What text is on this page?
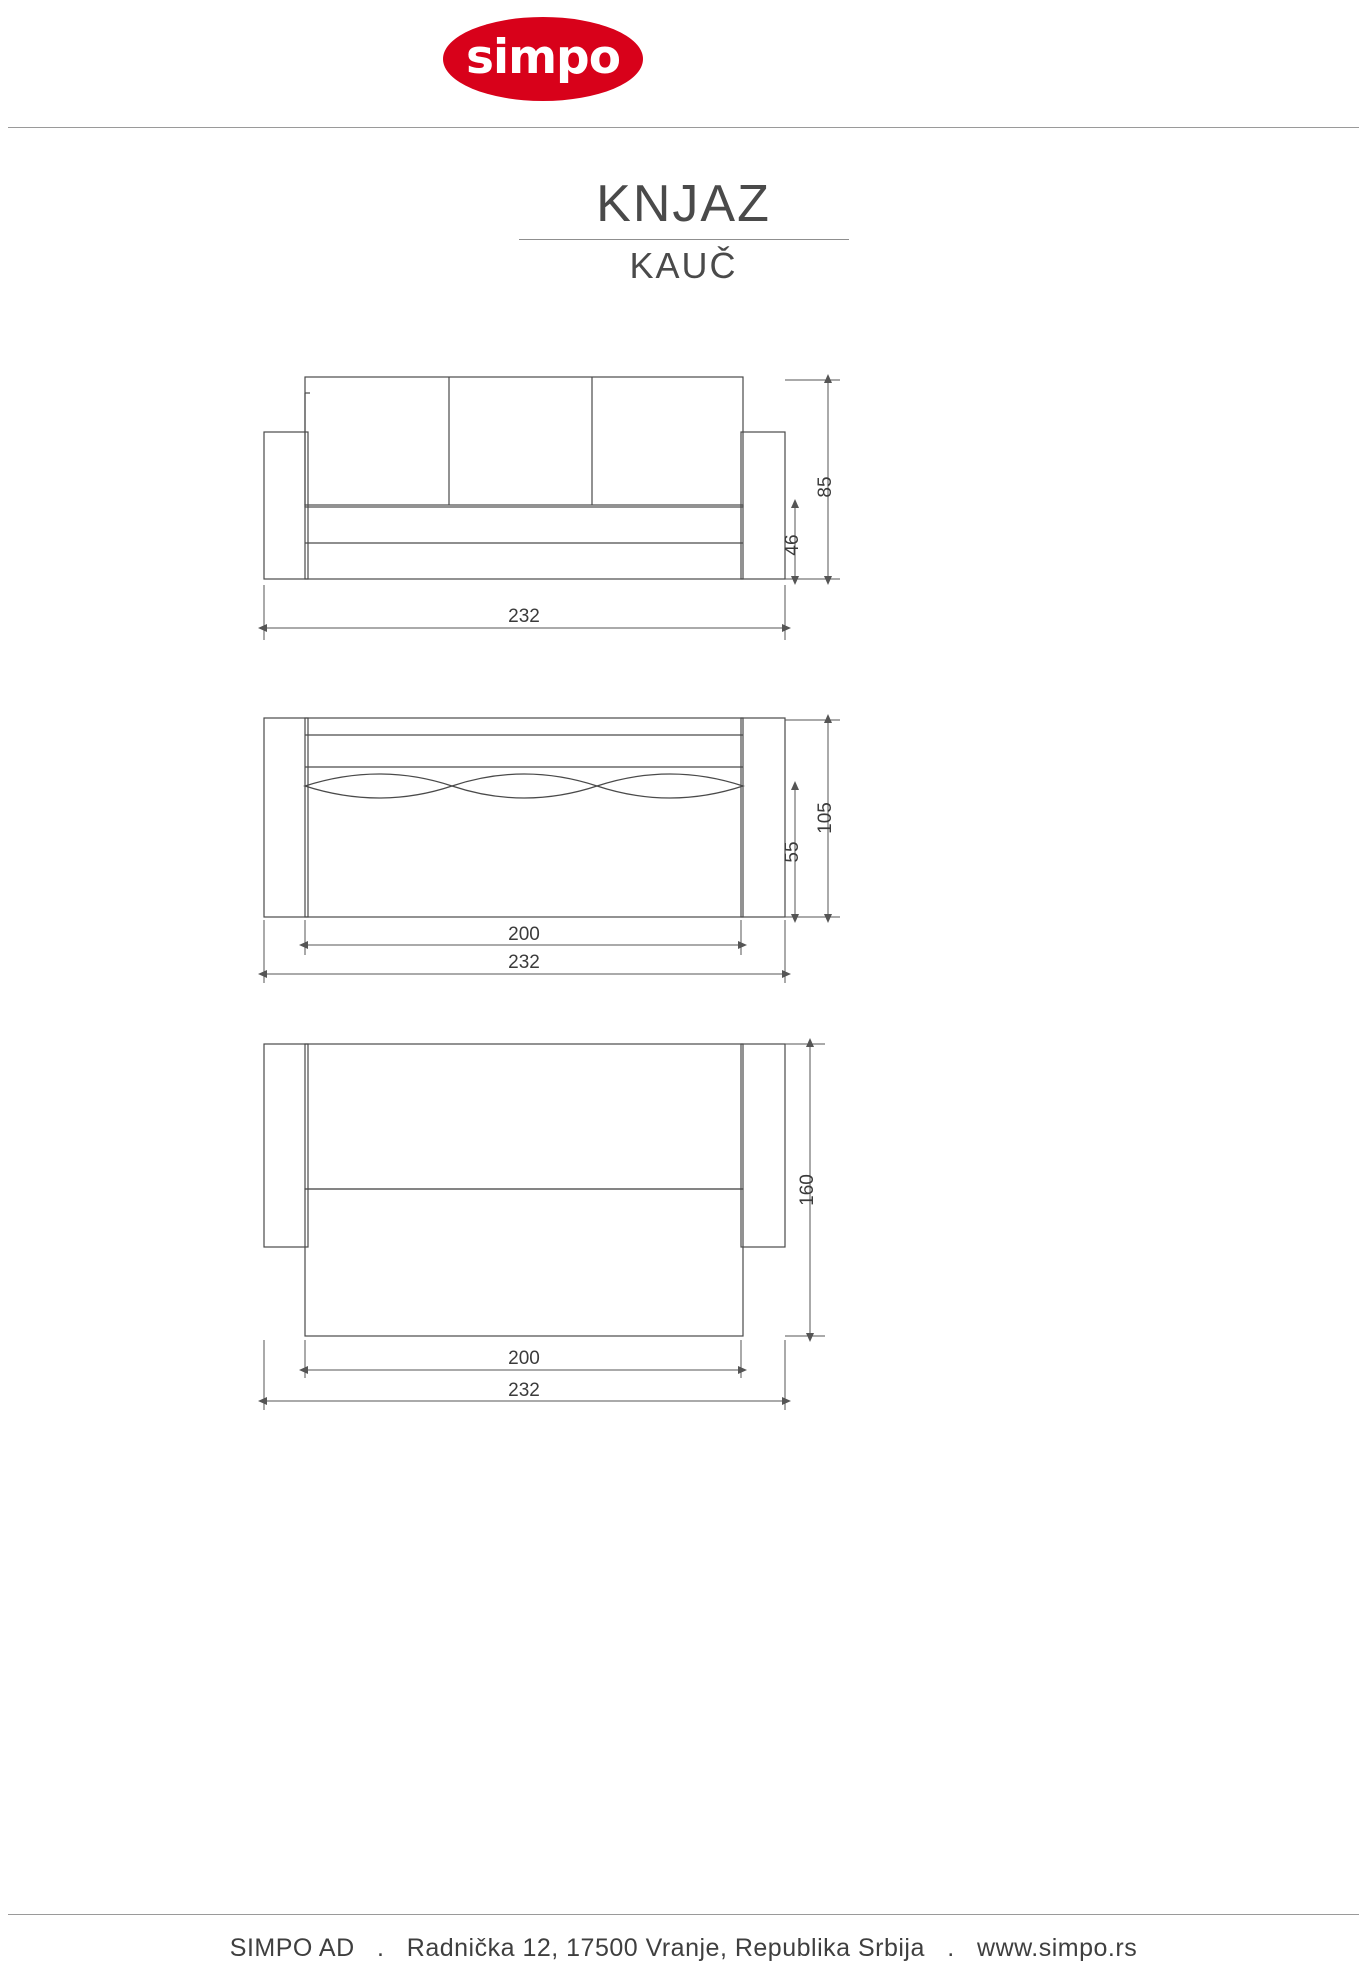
simpo
KNJAZ
KAUČ
85
46
232
105
55
200
232
160
200
232
SIMPO AD   .   Radnička 12, 17500 Vranje, Republika Srbija   .   www.simpo.rs
